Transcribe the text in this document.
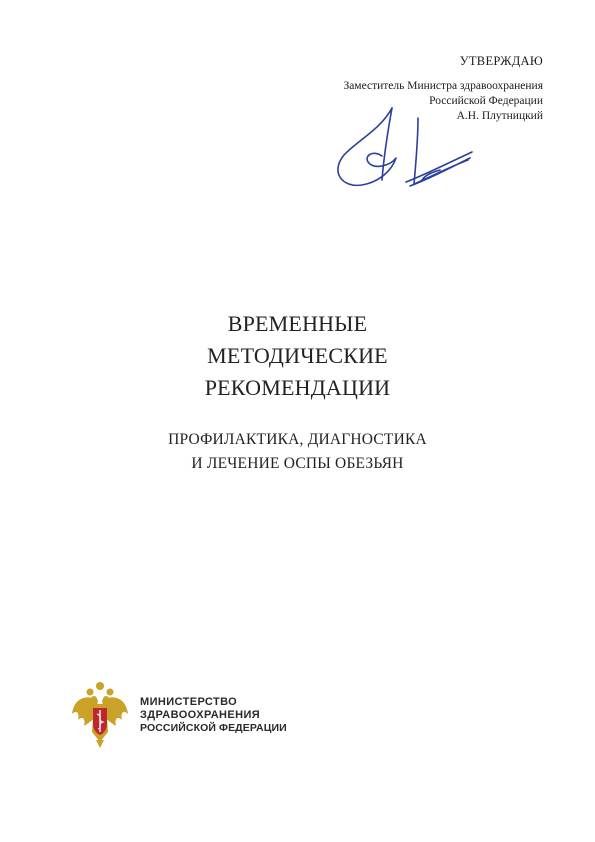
УТВЕРЖДАЮ
Заместитель Министра здравоохранения
Российской Федерации
А.Н. Плутницкий
ВРЕМЕННЫЕ
МЕТОДИЧЕСКИЕ
РЕКОМЕНДАЦИИ
ПРОФИЛАКТИКА, ДИАГНОСТИКА
И ЛЕЧЕНИЕ ОСПЫ ОБЕЗЬЯН
МИНИСТЕРСТВО
ЗДРАВООХРАНЕНИЯ
РОССИЙСКОЙ ФЕДЕРАЦИИ
